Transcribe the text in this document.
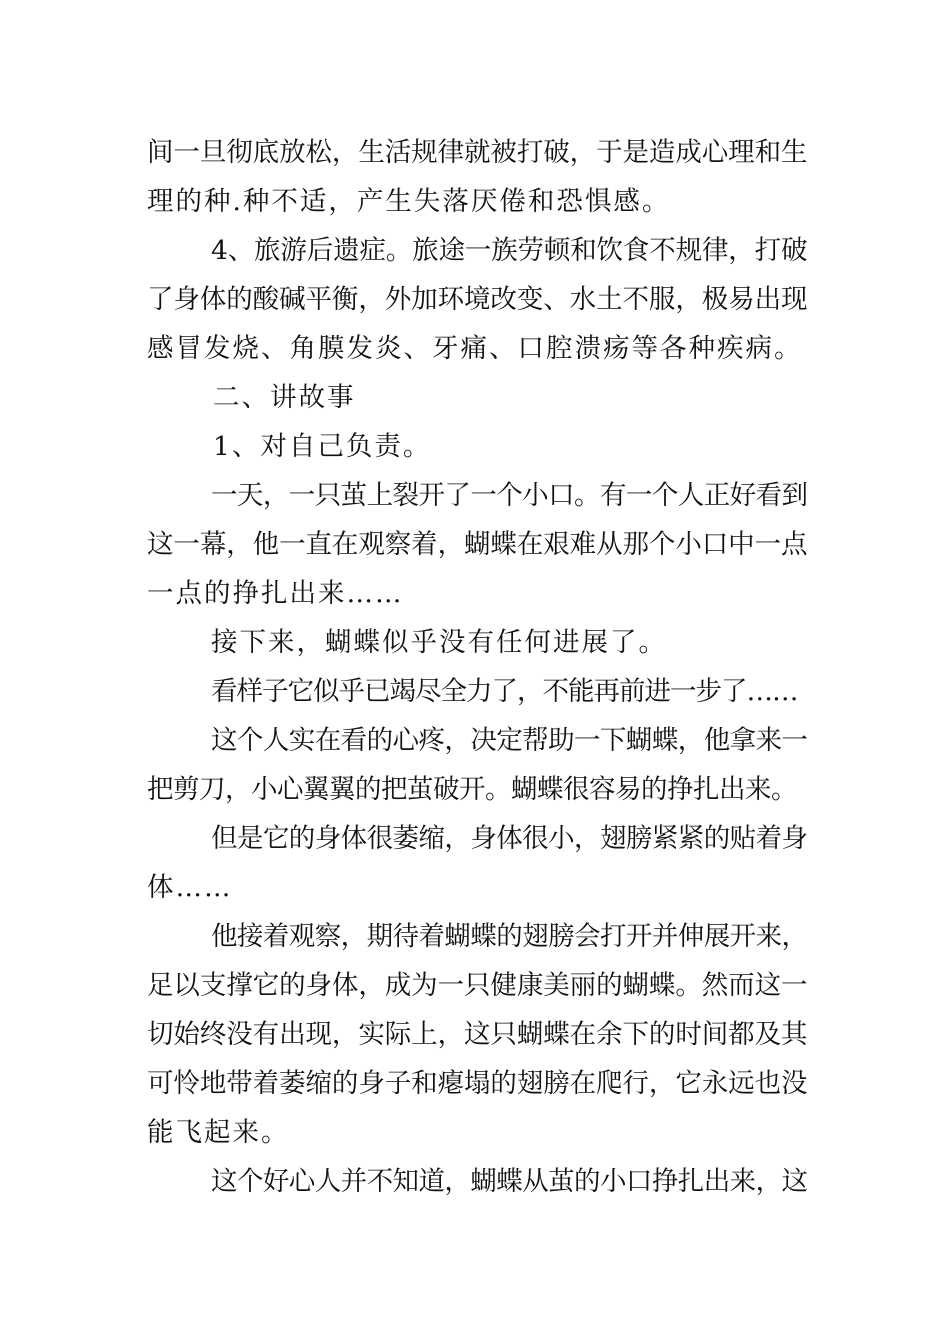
间一旦彻底放松，生活规律就被打破，于是造成心理和生
理的种.种不适，产生失落厌倦和恐惧感。
4、旅游后遗症。旅途一族劳顿和饮食不规律，打破
了身体的酸碱平衡，外加环境改变、水土不服，极易出现
感冒发烧、角膜发炎、牙痛、口腔溃疡等各种疾病。
二、讲故事
1、对自己负责。
一天，一只茧上裂开了一个小口。有一个人正好看到
这一幕，他一直在观察着，蝴蝶在艰难从那个小口中一点
一点的挣扎出来……
接下来，蝴蝶似乎没有任何进展了。
看样子它似乎已竭尽全力了，不能再前进一步了……
这个人实在看的心疼，决定帮助一下蝴蝶，他拿来一
把剪刀，小心翼翼的把茧破开。蝴蝶很容易的挣扎出来。
但是它的身体很萎缩，身体很小，翅膀紧紧的贴着身
体……
他接着观察，期待着蝴蝶的翅膀会打开并伸展开来，
足以支撑它的身体，成为一只健康美丽的蝴蝶。然而这一
切始终没有出现，实际上，这只蝴蝶在余下的时间都及其
可怜地带着萎缩的身子和瘪塌的翅膀在爬行，它永远也没
能飞起来。
这个好心人并不知道，蝴蝶从茧的小口挣扎出来，这
